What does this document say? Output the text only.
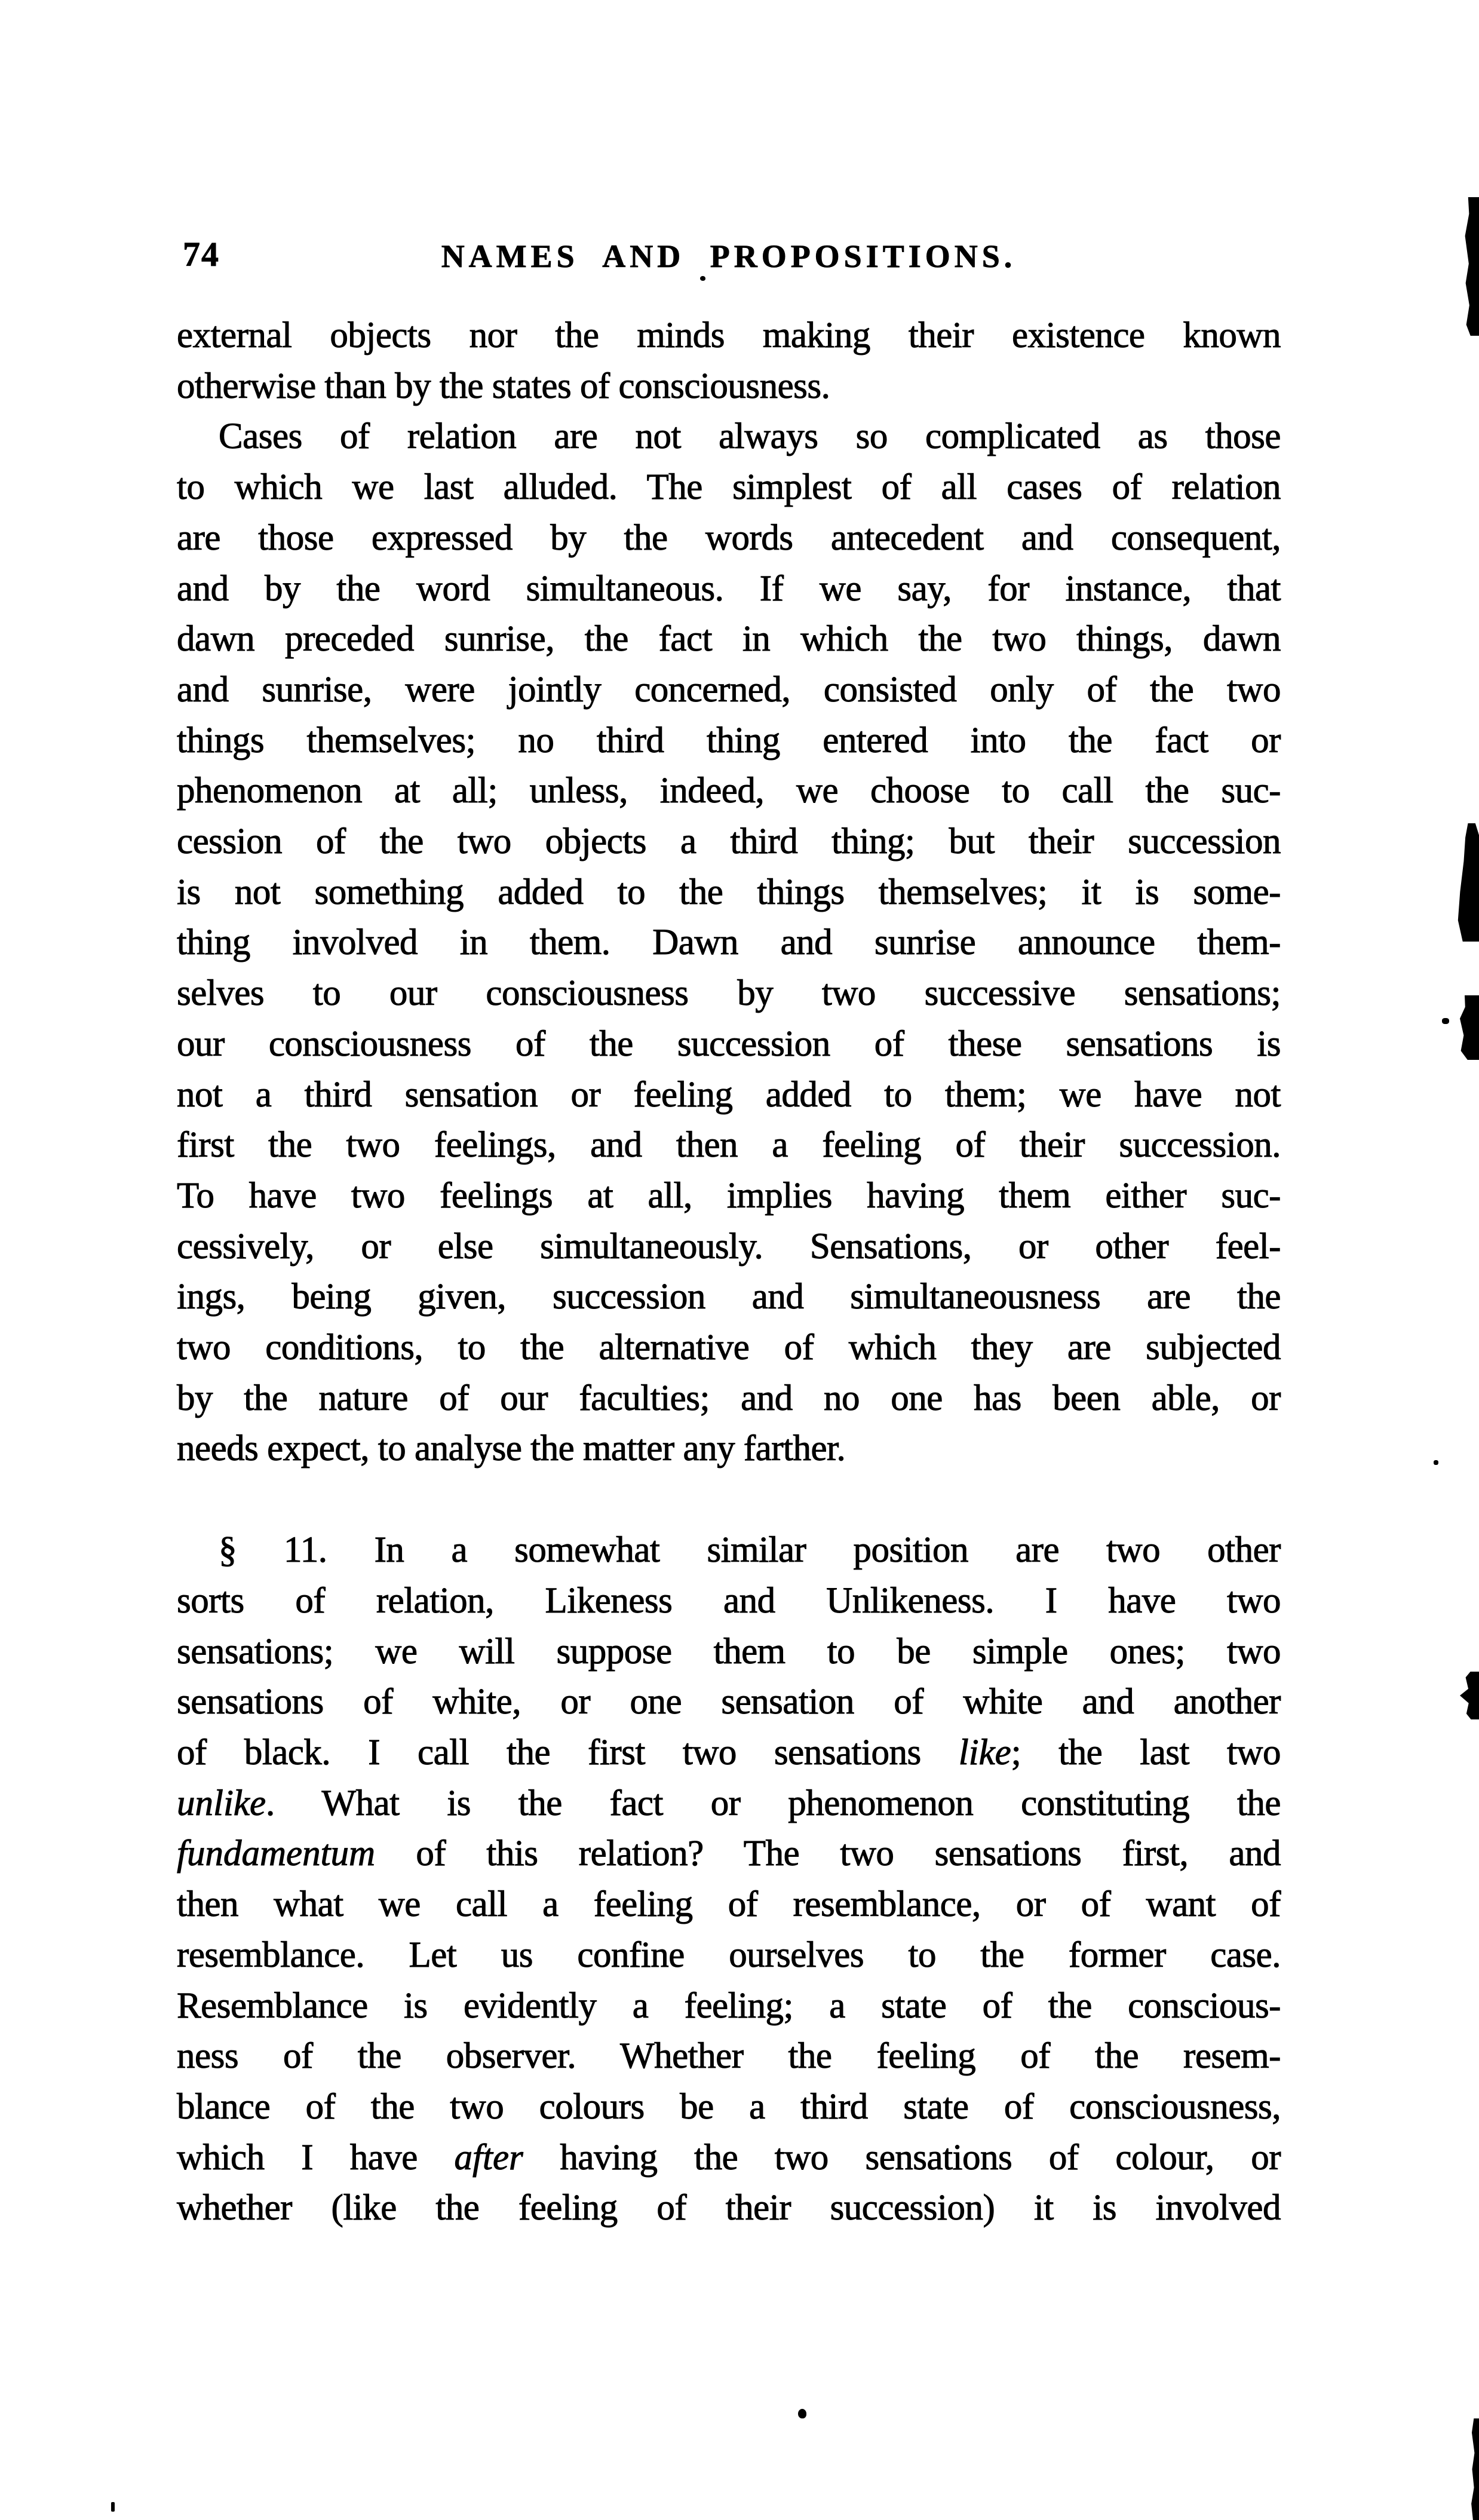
74	NAMES AND PROPOSITIONS.
external objects nor the minds making their existence known
otherwise than by the states of consciousness.
Cases of relation are not always so complicated as those
to which we last alluded. The simplest of all cases of relation
are those expressed by the words antecedent and consequent,
and by the word simultaneous. If we say, for instance, that
dawn preceded sunrise, the fact in which the two things, dawn
and sunrise, were jointly concerned, consisted only of the two
things themselves; no third thing entered into the fact or
phenomenon at all; unless, indeed, we choose to call the suc-
cession of the two objects a third thing; but their succession
is not something added to the things themselves; it is some-
thing involved in them. Dawn and sunrise announce them-
selves to our consciousness by two successive sensations;
our consciousness of the succession of these sensations is
not a third sensation or feeling added to them; we have not
first the two feelings, and then a feeling of their succession.
To have two feelings at all, implies having them either suc-
cessively, or else simultaneously. Sensations, or other feel-
ings, being given, succession and simultaneousness are the
two conditions, to the alternative of which they are subjected
by the nature of our faculties; and no one has been able, or
needs expect, to analyse the matter any farther.
§ 11. In a somewhat similar position are two other
sorts of relation, Likeness and Unlikeness. I have two
sensations; we will suppose them to be simple ones; two
sensations of white, or one sensation of white and another
of black. I call the first two sensations like; the last two
unlike. What is the fact or phenomenon constituting the
fundamentum of this relation? The two sensations first, and
then what we call a feeling of resemblance, or of want of
resemblance. Let us confine ourselves to the former case.
Resemblance is evidently a feeling; a state of the conscious-
ness of the observer. Whether the feeling of the resem-
blance of the two colours be a third state of consciousness,
which I have after having the two sensations of colour, or
whether (like the feeling of their succession) it is involved
